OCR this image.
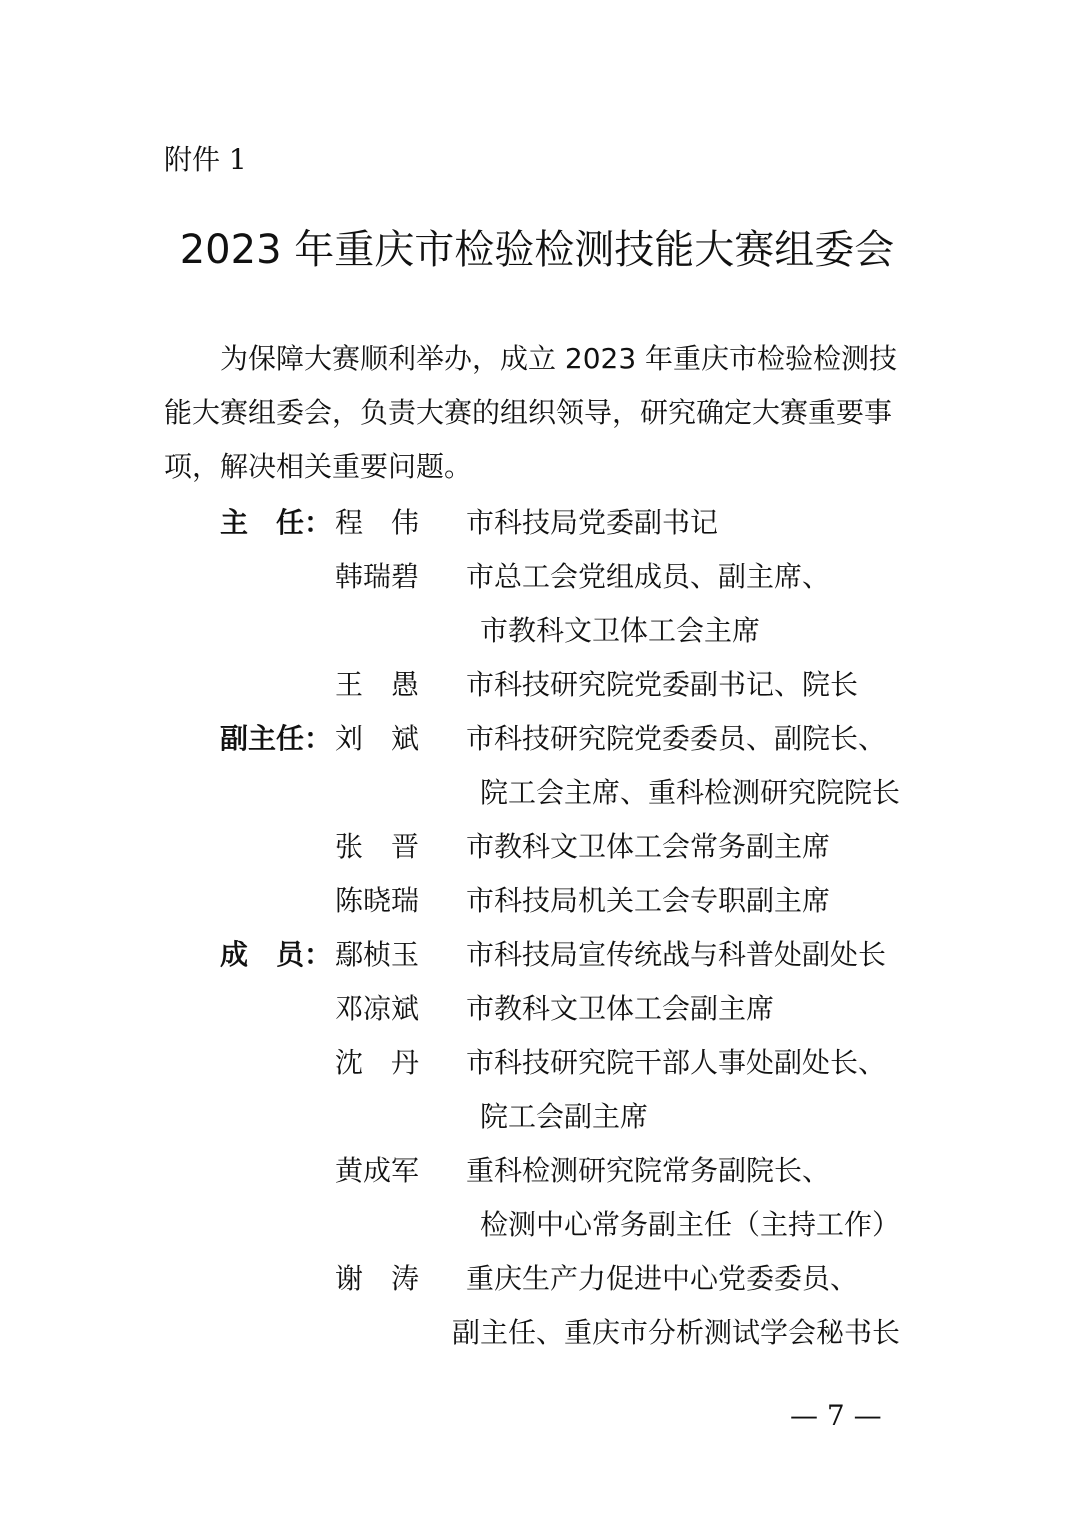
附件 1
2023 年重庆市检验检测技能大赛组委会
为保障大赛顺利举办，成立 2023 年重庆市检验检测技
能大赛组委会，负责大赛的组织领导，研究确定大赛重要事
项，解决相关重要问题。
主　任： 程　伟	市科技局党委副书记
韩瑞碧	市总工会党组成员、副主席、
市教科文卫体工会主席
王　愚	市科技研究院党委副书记、院长
副主任： 刘　斌	市科技研究院党委委员、副院长、
院工会主席、重科检测研究院院长
张　晋	市教科文卫体工会常务副主席
陈晓瑞	市科技局机关工会专职副主席
成　员： 鄢桢玉	市科技局宣传统战与科普处副处长
邓凉斌	市教科文卫体工会副主席
沈　丹	市科技研究院干部人事处副处长、
院工会副主席
黄成军	重科检测研究院常务副院长、
检测中心常务副主任（主持工作）
谢　涛	重庆生产力促进中心党委委员、
副主任、重庆市分析测试学会秘书长
— 7 —
